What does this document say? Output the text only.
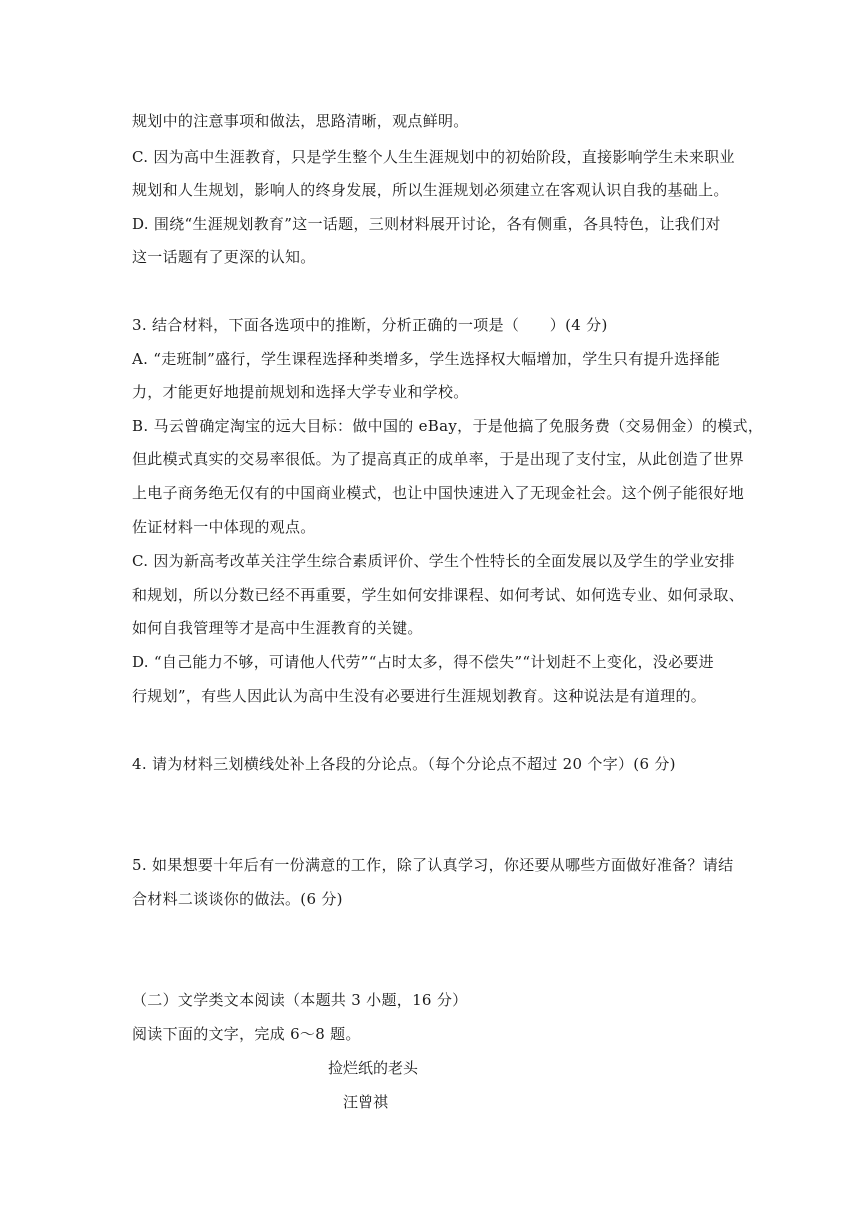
规划中的注意事项和做法，思路清晰，观点鲜明。
C. 因为高中生涯教育，只是学生整个人生生涯规划中的初始阶段，直接影响学生未来职业
规划和人生规划，影响人的终身发展，所以生涯规划必须建立在客观认识自我的基础上。
D. 围绕“生涯规划教育”这一话题，三则材料展开讨论，各有侧重，各具特色，让我们对
这一话题有了更深的认知。
3. 结合材料，下面各选项中的推断，分析正确的一项是（　　）(4 分)
A. “走班制”盛行，学生课程选择种类增多，学生选择权大幅增加，学生只有提升选择能
力，才能更好地提前规划和选择大学专业和学校。
B. 马云曾确定淘宝的远大目标：做中国的 eBay，于是他搞了免服务费（交易佣金）的模式，
但此模式真实的交易率很低。为了提高真正的成单率，于是出现了支付宝，从此创造了世界
上电子商务绝无仅有的中国商业模式，也让中国快速进入了无现金社会。这个例子能很好地
佐证材料一中体现的观点。
C. 因为新高考改革关注学生综合素质评价、学生个性特长的全面发展以及学生的学业安排
和规划，所以分数已经不再重要，学生如何安排课程、如何考试、如何选专业、如何录取、
如何自我管理等才是高中生涯教育的关键。
D. “自己能力不够，可请他人代劳”“占时太多，得不偿失”“计划赶不上变化，没必要进
行规划”，有些人因此认为高中生没有必要进行生涯规划教育。这种说法是有道理的。
4. 请为材料三划横线处补上各段的分论点。（每个分论点不超过 20 个字）(6 分)
5. 如果想要十年后有一份满意的工作，除了认真学习，你还要从哪些方面做好准备？请结
合材料二谈谈你的做法。(6 分)
（二）文学类文本阅读（本题共 3 小题，16 分）
阅读下面的文字，完成 6～8 题。
捡烂纸的老头
汪曾祺
